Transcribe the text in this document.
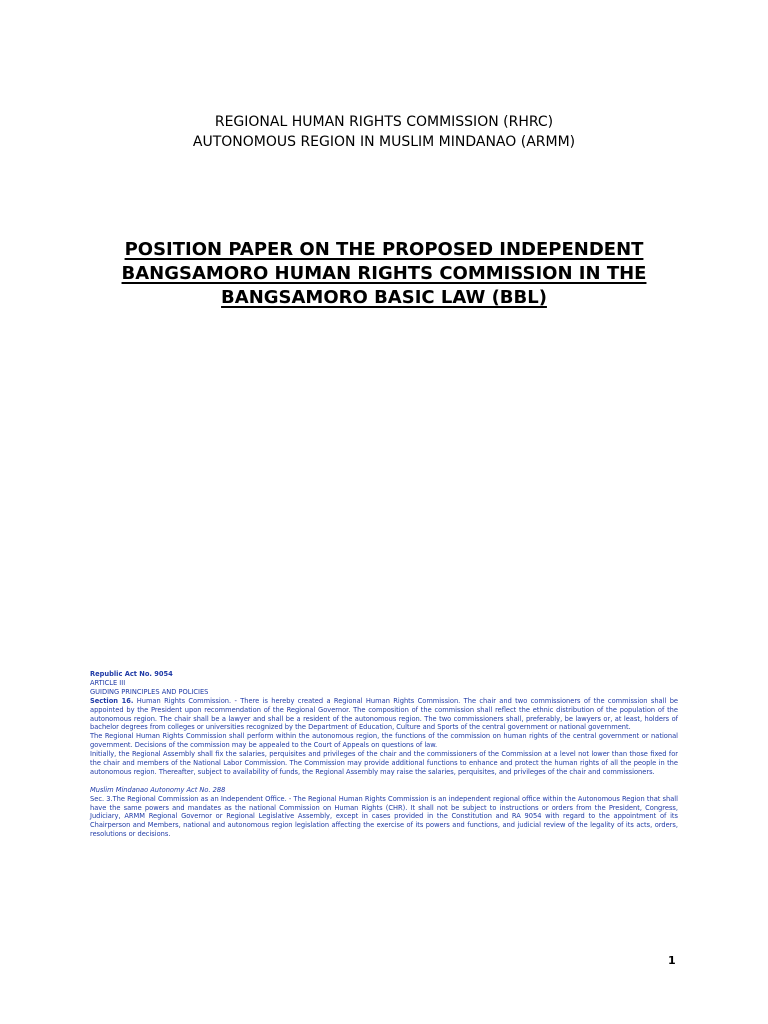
REGIONAL HUMAN RIGHTS COMMISSION (RHRC)
AUTONOMOUS REGION IN MUSLIM MINDANAO (ARMM)
POSITION PAPER ON THE PROPOSED INDEPENDENT
BANGSAMORO HUMAN RIGHTS COMMISSION IN THE
BANGSAMORO BASIC LAW (BBL)
Republic Act No. 9054
ARTICLE III
GUIDING PRINCIPLES AND POLICIES

Section 16. Human Rights Commission. - There is hereby created a Regional Human Rights Commission. The chair and two commissioners of the commission shall be appointed by the President upon recommendation of the Regional Governor. The composition of the commission shall reflect the ethnic distribution of the population of the autonomous region. The chair shall be a lawyer and shall be a resident of the autonomous region. The two commissioners shall, preferably, be lawyers or, at least, holders of bachelor degrees from colleges or universities recognized by the Department of Education, Culture and Sports of the central government or national government.

The Regional Human Rights Commission shall perform within the autonomous region, the functions of the commission on human rights of the central government or national government. Decisions of the commission may be appealed to the Court of Appeals on questions of law.

Initially, the Regional Assembly shall fix the salaries, perquisites and privileges of the chair and the commissioners of the Commission at a level not lower than those fixed for the chair and members of the National Labor Commission. The Commission may provide additional functions to enhance and protect the human rights of all the people in the autonomous region. Thereafter, subject to availability of funds, the Regional Assembly may raise the salaries, perquisites, and privileges of the chair and commissioners.

Muslim Mindanao Autonomy Act No. 288

Sec. 3.The Regional Commission as an Independent Office. - The Regional Human Rights Commission is an independent regional office within the Autonomous Region that shall have the same powers and mandates as the national Commission on Human Rights (CHR). It shall not be subject to instructions or orders from the President, Congress, Judiciary, ARMM Regional Governor or Regional Legislative Assembly, except in cases provided in the Constitution and RA 9054 with regard to the appointment of its Chairperson and Members, national and autonomous region legislation affecting the exercise of its powers and functions, and judicial review of the legality of its acts, orders, resolutions or decisions.

1
